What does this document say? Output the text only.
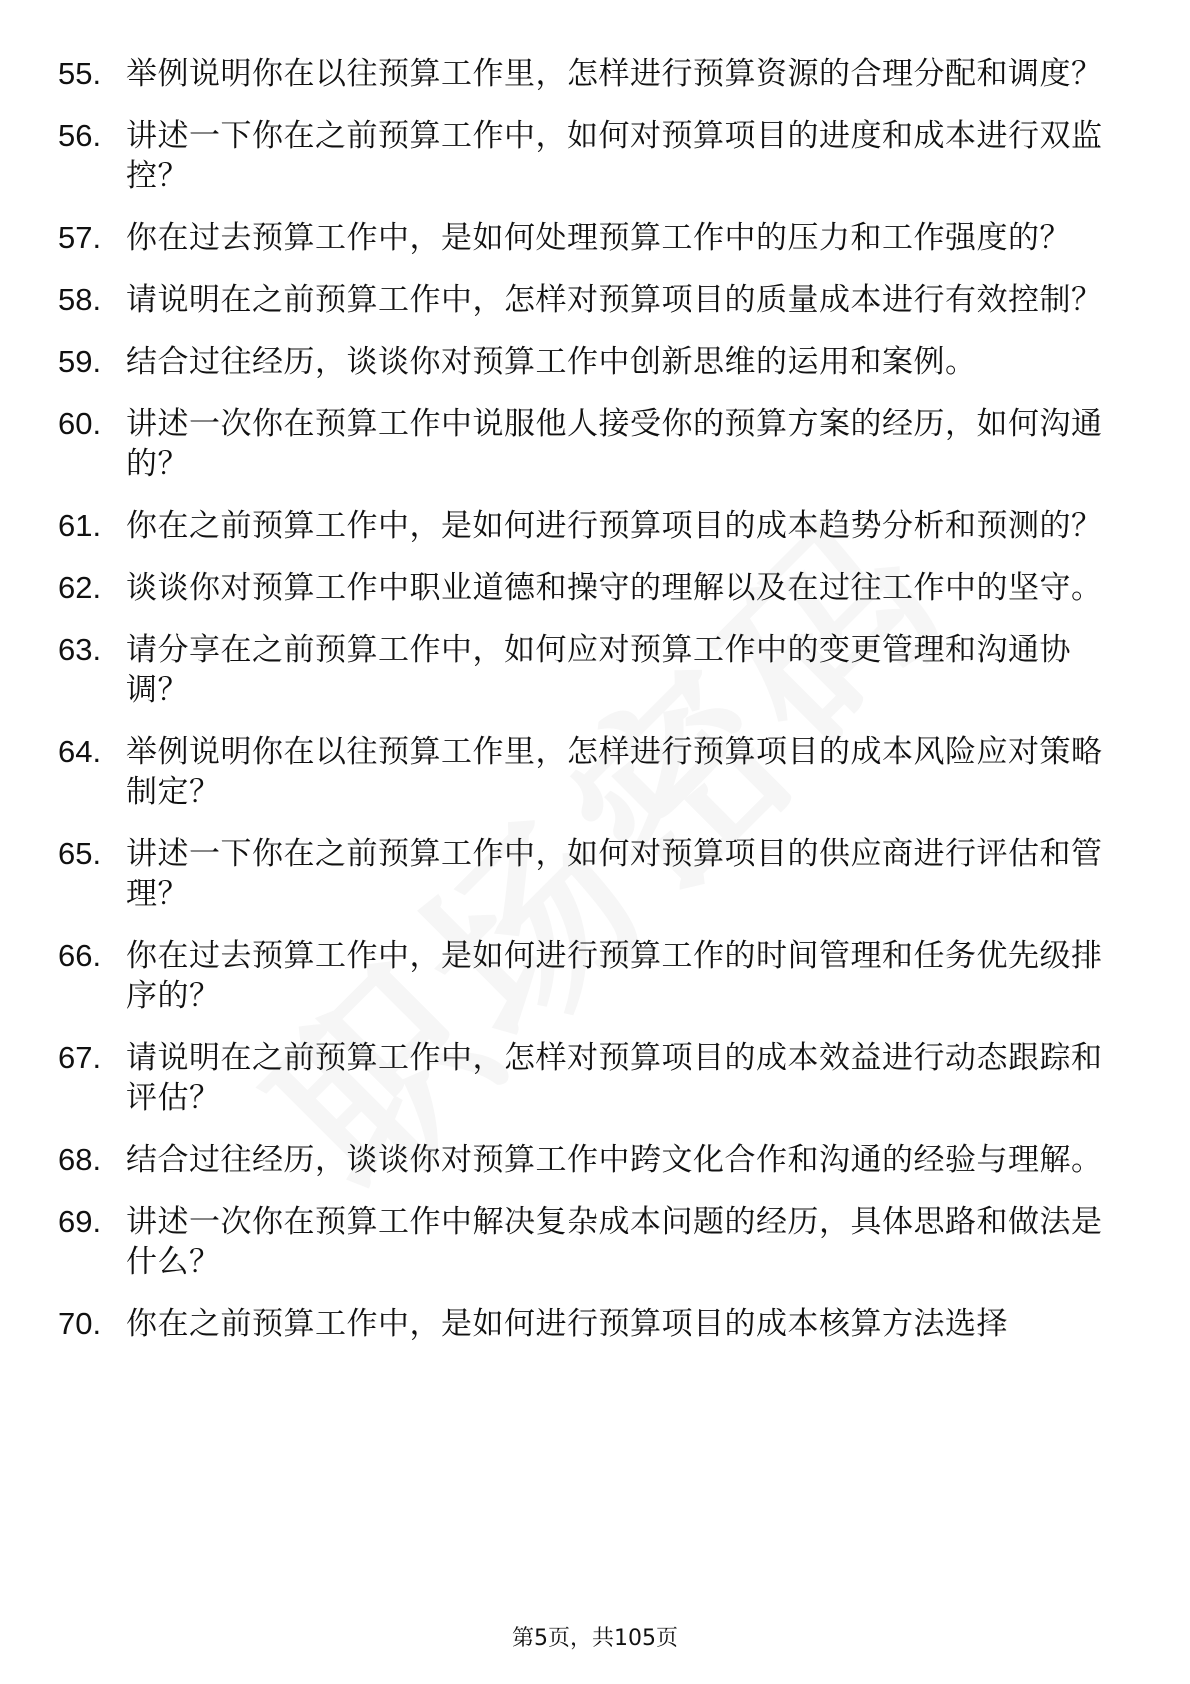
55. 举例说明你在以往预算工作里，怎样进行预算资源的合理分配和调度？
56. 讲述一下你在之前预算工作中，如何对预算项目的进度和成本进行双监控？
57. 你在过去预算工作中，是如何处理预算工作中的压力和工作强度的？
58. 请说明在之前预算工作中，怎样对预算项目的质量成本进行有效控制？
59. 结合过往经历，谈谈你对预算工作中创新思维的运用和案例。
60. 讲述一次你在预算工作中说服他人接受你的预算方案的经历，如何沟通的？
61. 你在之前预算工作中，是如何进行预算项目的成本趋势分析和预测的？
62. 谈谈你对预算工作中职业道德和操守的理解以及在过往工作中的坚守。
63. 请分享在之前预算工作中，如何应对预算工作中的变更管理和沟通协调？
64. 举例说明你在以往预算工作里，怎样进行预算项目的成本风险应对策略制定？
65. 讲述一下你在之前预算工作中，如何对预算项目的供应商进行评估和管理？
66. 你在过去预算工作中，是如何进行预算工作的时间管理和任务优先级排序的？
67. 请说明在之前预算工作中，怎样对预算项目的成本效益进行动态跟踪和评估？
68. 结合过往经历，谈谈你对预算工作中跨文化合作和沟通的经验与理解。
69. 讲述一次你在预算工作中解决复杂成本问题的经历，具体思路和做法是什么？
70. 你在之前预算工作中，是如何进行预算项目的成本核算方法选择
第5页，共105页
